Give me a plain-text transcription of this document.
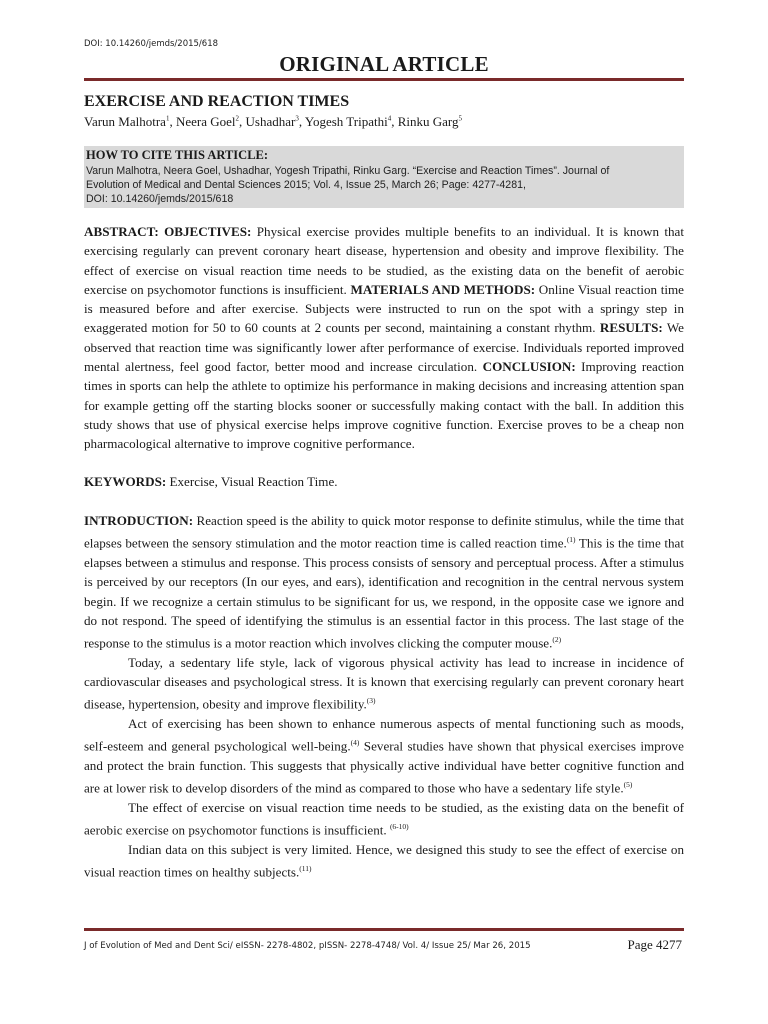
DOI: 10.14260/jemds/2015/618
ORIGINAL ARTICLE
EXERCISE AND REACTION TIMES
Varun Malhotra$^1$, Neera Goel$^2$, Ushadhar$^3$, Yogesh Tripathi$^4$, Rinku Garg$^5$
HOW TO CITE THIS ARTICLE:
Varun Malhotra, Neera Goel, Ushadhar, Yogesh Tripathi, Rinku Garg. “Exercise and Reaction Times”. Journal of
Evolution of Medical and Dental Sciences 2015; Vol. 4, Issue 25, March 26; Page: 4277-4281,
DOI: 10.14260/jemds/2015/618
ABSTRACT: OBJECTIVES: Physical exercise provides multiple benefits to an individual. It is known that exercising regularly can prevent coronary heart disease, hypertension and obesity and improve flexibility. The effect of exercise on visual reaction time needs to be studied, as the existing data on the benefit of aerobic exercise on psychomotor functions is insufficient. MATERIALS AND METHODS: Online Visual reaction time is measured before and after exercise. Subjects were instructed to run on the spot with a springy step in exaggerated motion for 50 to 60 counts at 2 counts per second, maintaining a constant rhythm. RESULTS: We observed that reaction time was significantly lower after performance of exercise. Individuals reported improved mental alertness, feel good factor, better mood and increase circulation. CONCLUSION: Improving reaction times in sports can help the athlete to optimize his performance in making decisions and increasing attention span for example getting off the starting blocks sooner or successfully making contact with the ball. In addition this study shows that use of physical exercise helps improve cognitive function. Exercise proves to be a cheap non pharmacological alternative to improve cognitive performance.
KEYWORDS: Exercise, Visual Reaction Time.

INTRODUCTION: Reaction speed is the ability to quick motor response to definite stimulus, while the time that elapses between the sensory stimulation and the motor reaction time is called reaction time.$^{(1)}$ This is the time that elapses between a stimulus and response. This process consists of sensory and perceptual process. After a stimulus is perceived by our receptors (In our eyes, and ears), identification and recognition in the central nervous system begin. If we recognize a certain stimulus to be significant for us, we respond, in the opposite case we ignore and do not respond. The speed of identifying the stimulus is an essential factor in this process. The last stage of the response to the stimulus is a motor reaction which involves clicking the computer mouse.$^{(2)}$

Today, a sedentary life style, lack of vigorous physical activity has lead to increase in incidence of cardiovascular diseases and psychological stress. It is known that exercising regularly can prevent coronary heart disease, hypertension, obesity and improve flexibility.$^{(3)}$

Act of exercising has been shown to enhance numerous aspects of mental functioning such as moods, self-esteem and general psychological well-being.$^{(4)}$ Several studies have shown that physical exercises improve and protect the brain function. This suggests that physically active individual have better cognitive function and are at lower risk to develop disorders of the mind as compared to those who have a sedentary life style.$^{(5)}$

The effect of exercise on visual reaction time needs to be studied, as the existing data on the benefit of aerobic exercise on psychomotor functions is insufficient. $^{(6-10)}$

Indian data on this subject is very limited. Hence, we designed this study to see the effect of exercise on visual reaction times on healthy subjects.$^{(11)}$

J of Evolution of Med and Dent Sci/ eISSN- 2278-4802, pISSN- 2278-4748/ Vol. 4/ Issue 25/ Mar 26, 2015	Page 4277
